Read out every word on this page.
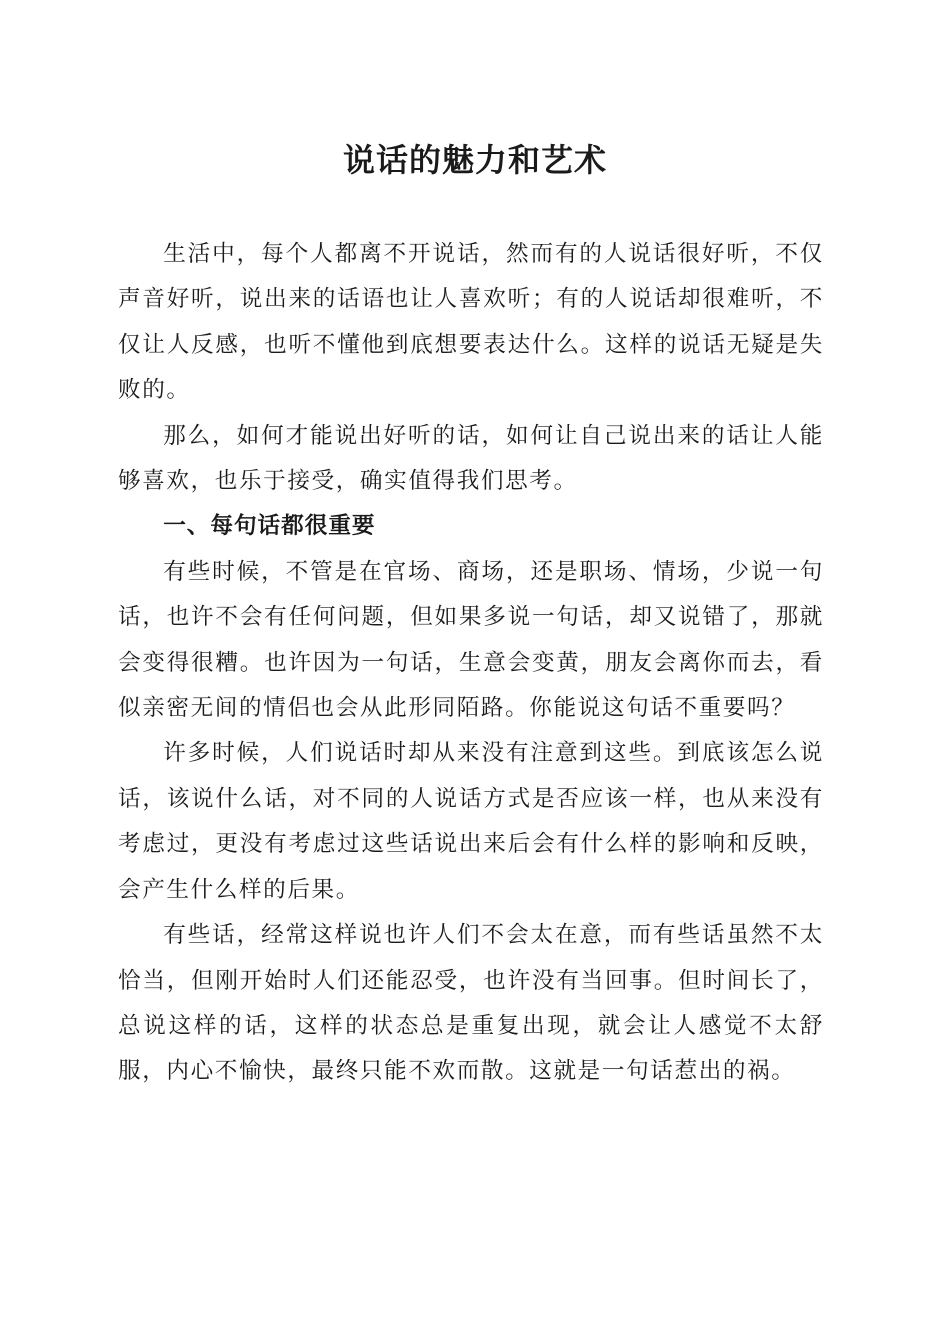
说话的魅力和艺术

生活中，每个人都离不开说话，然而有的人说话很好听，不仅声音好听，说出来的话语也让人喜欢听；有的人说话却很难听，不仅让人反感，也听不懂他到底想要表达什么。这样的说话无疑是失败的。

那么，如何才能说出好听的话，如何让自己说出来的话让人能够喜欢，也乐于接受，确实值得我们思考。

一、每句话都很重要

有些时候，不管是在官场、商场，还是职场、情场，少说一句话，也许不会有任何问题，但如果多说一句话，却又说错了，那就会变得很糟。也许因为一句话，生意会变黄，朋友会离你而去，看似亲密无间的情侣也会从此形同陌路。你能说这句话不重要吗？

许多时候，人们说话时却从来没有注意到这些。到底该怎么说话，该说什么话，对不同的人说话方式是否应该一样，也从来没有考虑过，更没有考虑过这些话说出来后会有什么样的影响和反映，会产生什么样的后果。

有些话，经常这样说也许人们不会太在意，而有些话虽然不太恰当，但刚开始时人们还能忍受，也许没有当回事。但时间长了，总说这样的话，这样的状态总是重复出现，就会让人感觉不太舒服，内心不愉快，最终只能不欢而散。这就是一句话惹出的祸。
